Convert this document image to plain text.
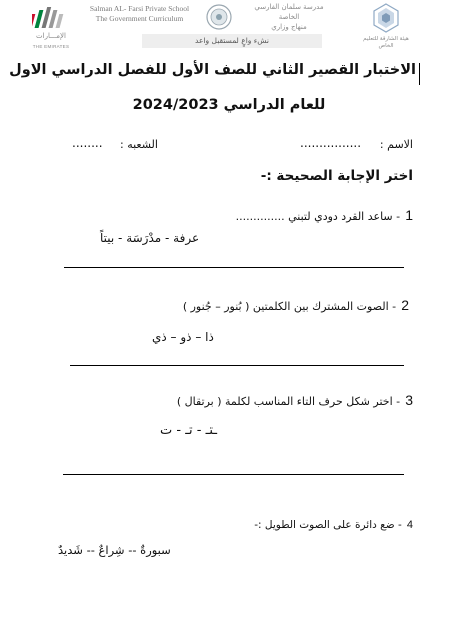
الإمـــارات
THE EMIRATES
Salman AL- Farsi Private School
The Government Curriculum
مدرسة سلمان الفارسي الخاصة
منهاج وزاري
هيئة الشارقة للتعليم الخاص
نشء واعٍ لمستقبل واعد
الاختبار القصير الثاني للصف الأول للفصل الدراسي الاول
للعام الدراسي 2024/2023
الاسم :
................
الشعبه :
........
اختر الإجابة الصحيحة :-
1 - ساعد القرد دودي لتبني ..............
عرفة - مدْرَسَة - بيتاً
2 - الصوت المشترك بين الكلمتين ( بُنور – جُنور )
ذا – ذو – ذي
3 - اختر شكل حرف التاء المناسب لكلمة ( برتقال )
ـتـ - تـ - ت
4 - ضع دائرة على الصوت الطويل :-
سبورةٌ -- شِراعٌ -- شَديدٌ
